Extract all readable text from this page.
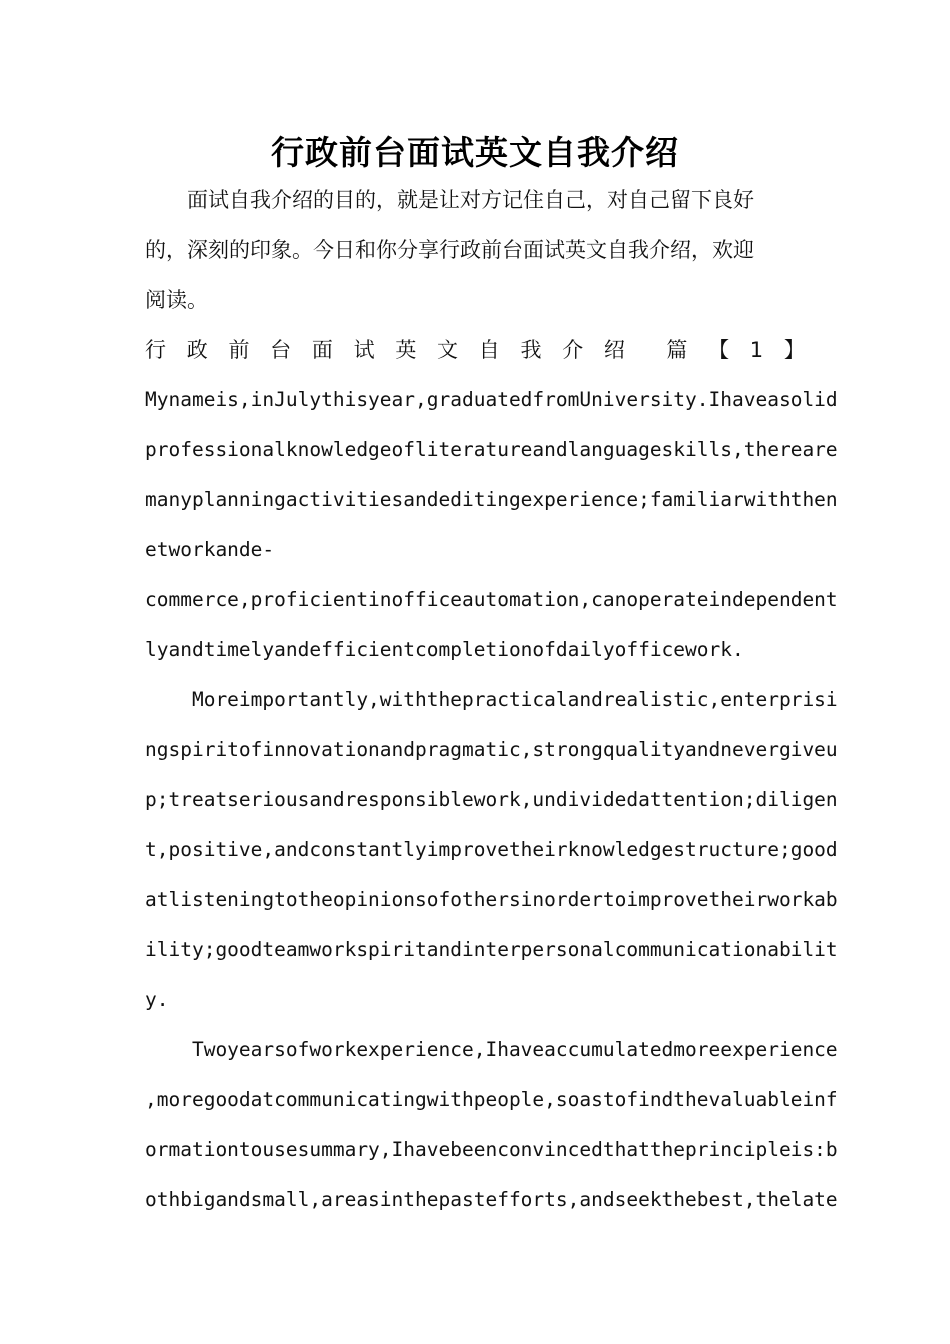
行政前台面试英文自我介绍
　　面试自我介绍的目的，就是让对方记住自己，对自己留下良好
的，深刻的印象。今日和你分享行政前台面试英文自我介绍，欢迎
阅读。
行 政 前 台 面 试 英 文 自 我 介 绍 篇 【 1 】
Mynameis,inJulythisyear,graduatedfromUniversity.Ihaveasolid
professionalknowledgeofliteratureandlanguageskills,thereare
manyplanningactivitiesandeditingexperience;familiarwiththen
etworkande-
commerce,proficientinofficeautomation,canoperateindependent
lyandtimelyandefficientcompletionofdailyofficework.
Moreimportantly,withthepracticalandrealistic,enterprisi
ngspiritofinnovationandpragmatic,strongqualityandnevergiveu
p;treatseriousandresponsiblework,undividedattention;diligen
t,positive,andconstantlyimprovetheirknowledgestructure;good
atlisteningtotheopinionsofothersinordertoimprovetheirworkab
ility;goodteamworkspiritandinterpersonalcommunicationabilit
y.
Twoyearsofworkexperience,Ihaveaccumulatedmoreexperience
,moregoodatcommunicatingwithpeople,soastofindthevaluableinf
ormationtousesummary,Ihavebeenconvincedthattheprincipleis:b
othbigandsmall,areasinthepastefforts,andseekthebest,thelate
